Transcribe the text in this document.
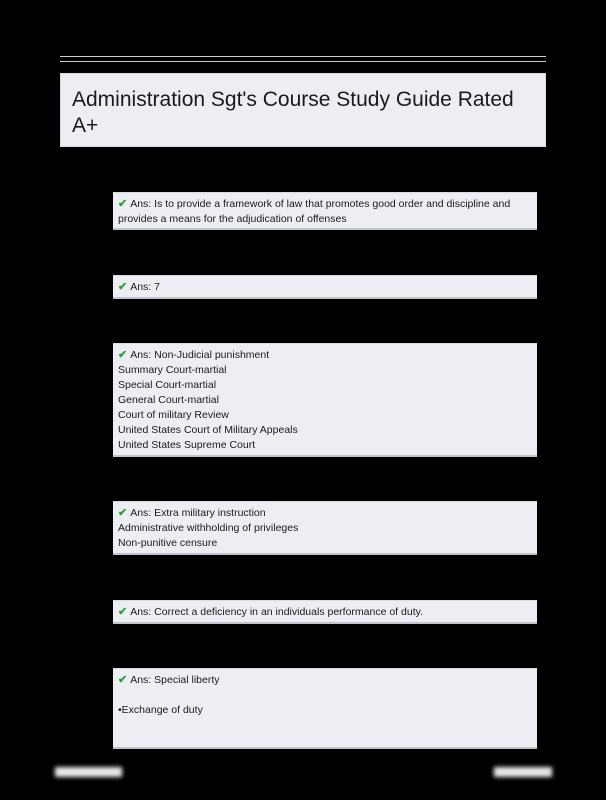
Administration Sgt's Course Study Guide Rated A+
✔ Ans: Is to provide a framework of law that promotes good order and discipline and provides a means for the adjudication of offenses
✔ Ans: 7
✔ Ans: Non-Judicial punishment
Summary Court-martial
Special Court-martial
General Court-martial
Court of military Review
United States Court of Military Appeals
United States Supreme Court
✔ Ans: Extra military instruction
Administrative withholding of privileges
Non-punitive censure
✔ Ans: Correct a deficiency in an individuals performance of duty.
✔ Ans: Special liberty
•Exchange of duty
